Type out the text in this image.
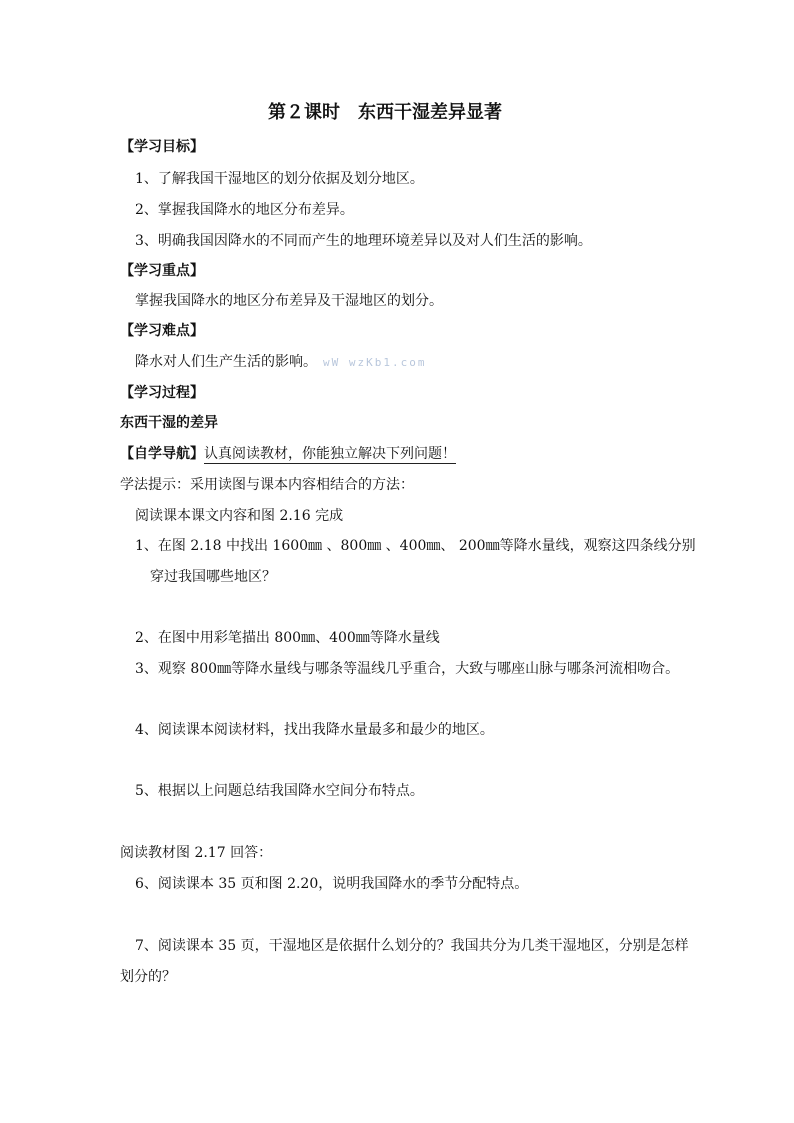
第２课时　东西干湿差异显著
【学习目标】
1、了解我国干湿地区的划分依据及划分地区。
2、掌握我国降水的地区分布差异。
3、明确我国因降水的不同而产生的地理环境差异以及对人们生活的影响。
【学习重点】
掌握我国降水的地区分布差异及干湿地区的划分。
【学习难点】
降水对人们生产生活的影响。 wW wzKb1.com
【学习过程】
东西干湿的差异
【自学导航】认真阅读教材，你能独立解决下列问题！
学法提示：采用读图与课本内容相结合的方法：
阅读课本课文内容和图 2.16 完成
1、在图 2.18 中找出 1600㎜ 、800㎜ 、400㎜、 200㎜等降水量线，观察这四条线分别
穿过我国哪些地区？
2、在图中用彩笔描出 800㎜、400㎜等降水量线
3、观察 800㎜等降水量线与哪条等温线几乎重合，大致与哪座山脉与哪条河流相吻合。
4、阅读课本阅读材料，找出我降水量最多和最少的地区。
5、根据以上问题总结我国降水空间分布特点。
阅读教材图 2.17 回答：
6、阅读课本 35 页和图 2.20，说明我国降水的季节分配特点。
7、阅读课本 35 页，干湿地区是依据什么划分的？我国共分为几类干湿地区，分别是怎样
划分的？
